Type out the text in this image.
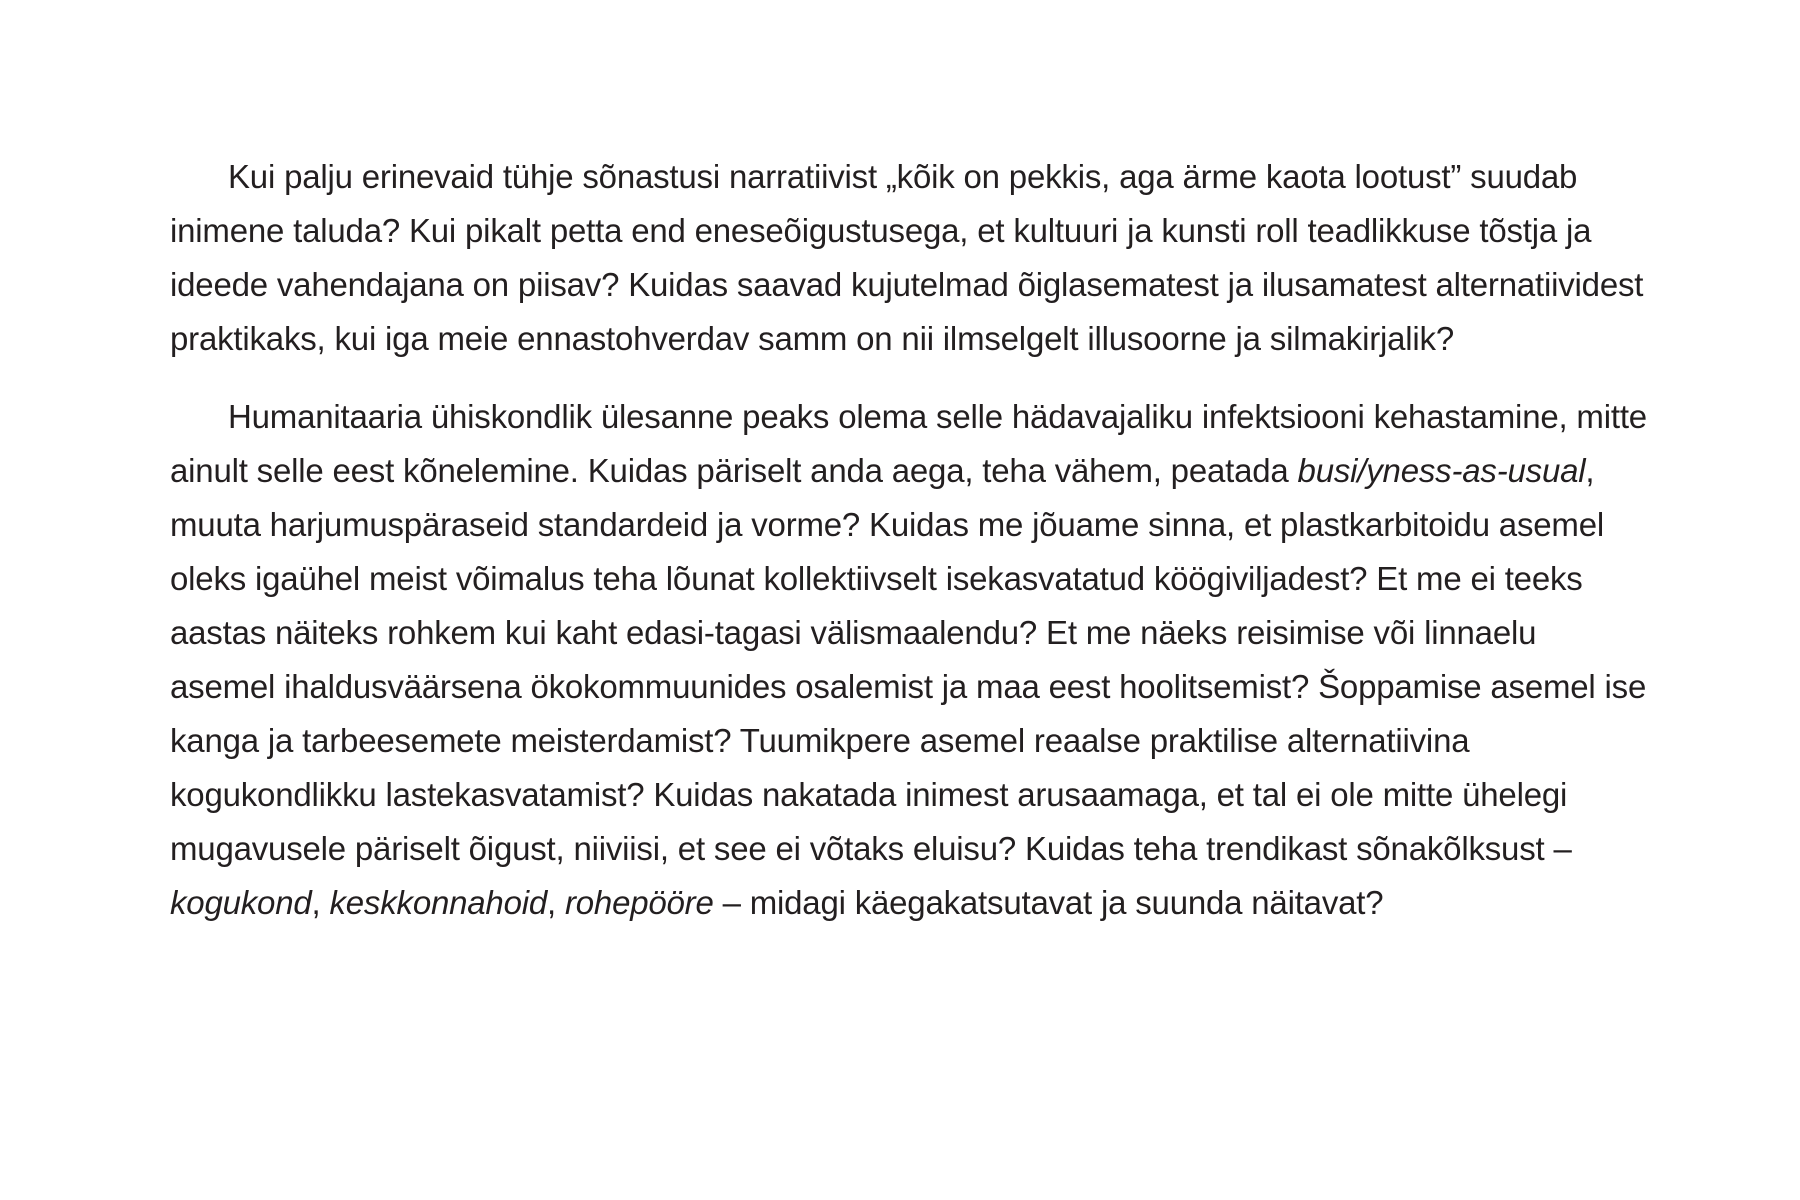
Kui palju erinevaid tühje sõnastusi narratiivist „kõik on pekkis, aga ärme kaota lootust” suudab inimene taluda? Kui pikalt petta end eneseõigustusega, et kultuuri ja kunsti roll teadlikkuse tõstja ja ideede vahendajana on piisav? Kuidas saavad kujutelmad õiglasematest ja ilusamatest alternatiividest praktikaks, kui iga meie ennastohverdav samm on nii ilmselgelt illusoorne ja silmakirjalik?

Humanitaaria ühiskondlik ülesanne peaks olema selle hädavajaliku infektsiooni kehastamine, mitte ainult selle eest kõnelemine. Kuidas päriselt anda aega, teha vähem, peatada busi/yness-as-usual, muuta harjumuspäraseid standardeid ja vorme? Kuidas me jõuame sinna, et plastkarbitoidu asemel oleks igaühel meist võimalus teha lõunat kollektiivselt isekasvatatud köögiviljadest? Et me ei teeks aastas näiteks rohkem kui kaht edasi-tagasi välismaalendu? Et me näeks reisimise või linnaelu asemel ihaldusväärsena ökokommuunides osalemist ja maa eest hoolitsemist? Šoppamise asemel ise kanga ja tarbeesemete meisterdamist? Tuumikpere asemel reaalse praktilise alternatiivina kogukondlikku lastekasvatamist? Kuidas nakatada inimest arusaamaga, et tal ei ole mitte ühelegi mugavusele päriselt õigust, niiviisi, et see ei võtaks eluisu? Kuidas teha trendikast sõnakõlksust – kogukond, keskkonnahoid, rohepööre – midagi käegakatsutavat ja suunda näitavat?
